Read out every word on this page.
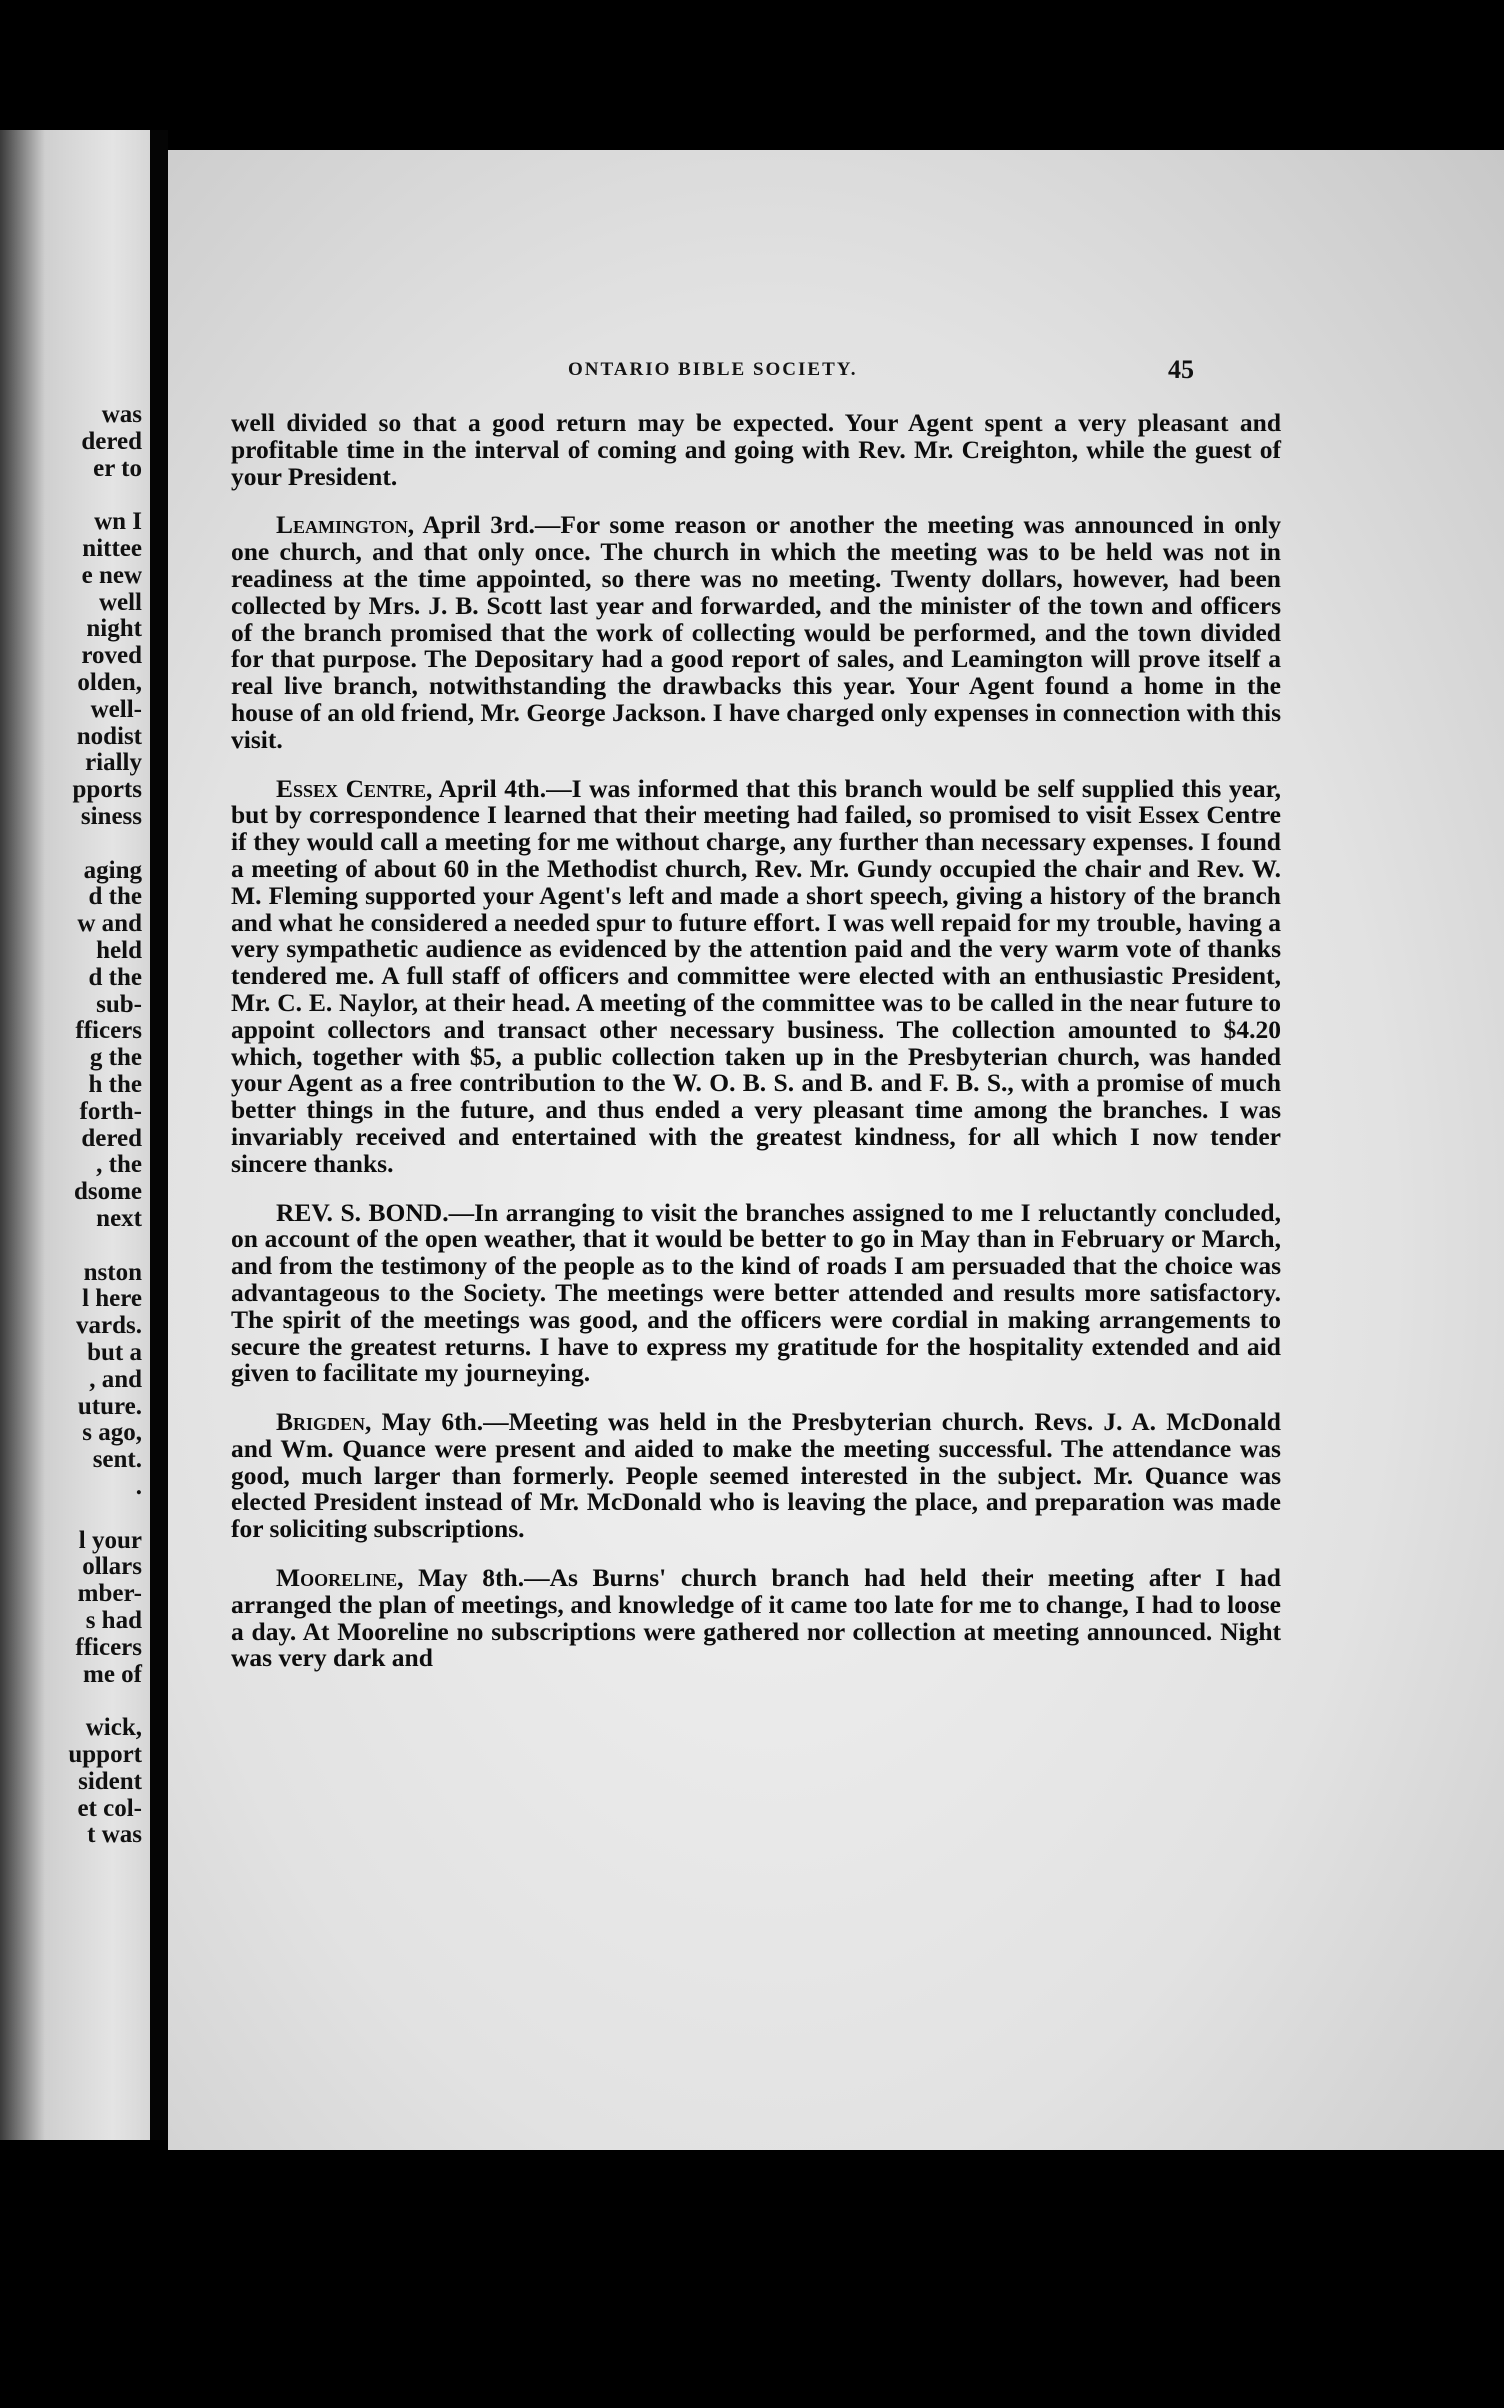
was
dered
er to
wn I
nittee
e new
well
night
roved
olden,
well-
nodist
rially
pports
siness
aging
d the
w and
held
d the
sub-
fficers
g the
h the
forth-
dered
, the
dsome
next
nston
l here
vards.
but a
, and
uture.
s ago,
sent.
.
l your
ollars
mber-
s had
fficers
me of
wick,
upport
sident
et col-
t was
ONTARIO BIBLE SOCIETY.	45

well divided so that a good return may be expected. Your Agent spent a very pleasant and profitable time in the interval of coming and going with Rev. Mr. Creighton, while the guest of your President.

Leamington, April 3rd.—For some reason or another the meeting was announced in only one church, and that only once. The church in which the meeting was to be held was not in readiness at the time appointed, so there was no meeting. Twenty dollars, however, had been collected by Mrs. J. B. Scott last year and forwarded, and the minister of the town and officers of the branch promised that the work of collecting would be performed, and the town divided for that purpose. The Depositary had a good report of sales, and Leamington will prove itself a real live branch, notwithstanding the drawbacks this year. Your Agent found a home in the house of an old friend, Mr. George Jackson. I have charged only expenses in connection with this visit.

Essex Centre, April 4th.—I was informed that this branch would be self supplied this year, but by correspondence I learned that their meeting had failed, so promised to visit Essex Centre if they would call a meeting for me without charge, any further than necessary expenses. I found a meeting of about 60 in the Methodist church, Rev. Mr. Gundy occupied the chair and Rev. W. M. Fleming supported your Agent's left and made a short speech, giving a history of the branch and what he considered a needed spur to future effort. I was well repaid for my trouble, having a very sympathetic audience as evidenced by the attention paid and the very warm vote of thanks tendered me. A full staff of officers and committee were elected with an enthusiastic President, Mr. C. E. Naylor, at their head. A meeting of the committee was to be called in the near future to appoint collectors and transact other necessary business. The collection amounted to $4.20 which, together with $5, a public collection taken up in the Presbyterian church, was handed your Agent as a free contribution to the W. O. B. S. and B. and F. B. S., with a promise of much better things in the future, and thus ended a very pleasant time among the branches. I was invariably received and entertained with the greatest kindness, for all which I now tender sincere thanks.

REV. S. BOND.—In arranging to visit the branches assigned to me I reluctantly concluded, on account of the open weather, that it would be better to go in May than in February or March, and from the testimony of the people as to the kind of roads I am persuaded that the choice was advantageous to the Society. The meetings were better attended and results more satisfactory. The spirit of the meetings was good, and the officers were cordial in making arrangements to secure the greatest returns. I have to express my gratitude for the hospitality extended and aid given to facilitate my journeying.

Brigden, May 6th.—Meeting was held in the Presbyterian church. Revs. J. A. McDonald and Wm. Quance were present and aided to make the meeting successful. The attendance was good, much larger than formerly. People seemed interested in the subject. Mr. Quance was elected President instead of Mr. McDonald who is leaving the place, and preparation was made for soliciting subscriptions.

Mooreline, May 8th.—As Burns' church branch had held their meeting after I had arranged the plan of meetings, and knowledge of it came too late for me to change, I had to loose a day. At Mooreline no subscriptions were gathered nor collection at meeting announced. Night was very dark and
